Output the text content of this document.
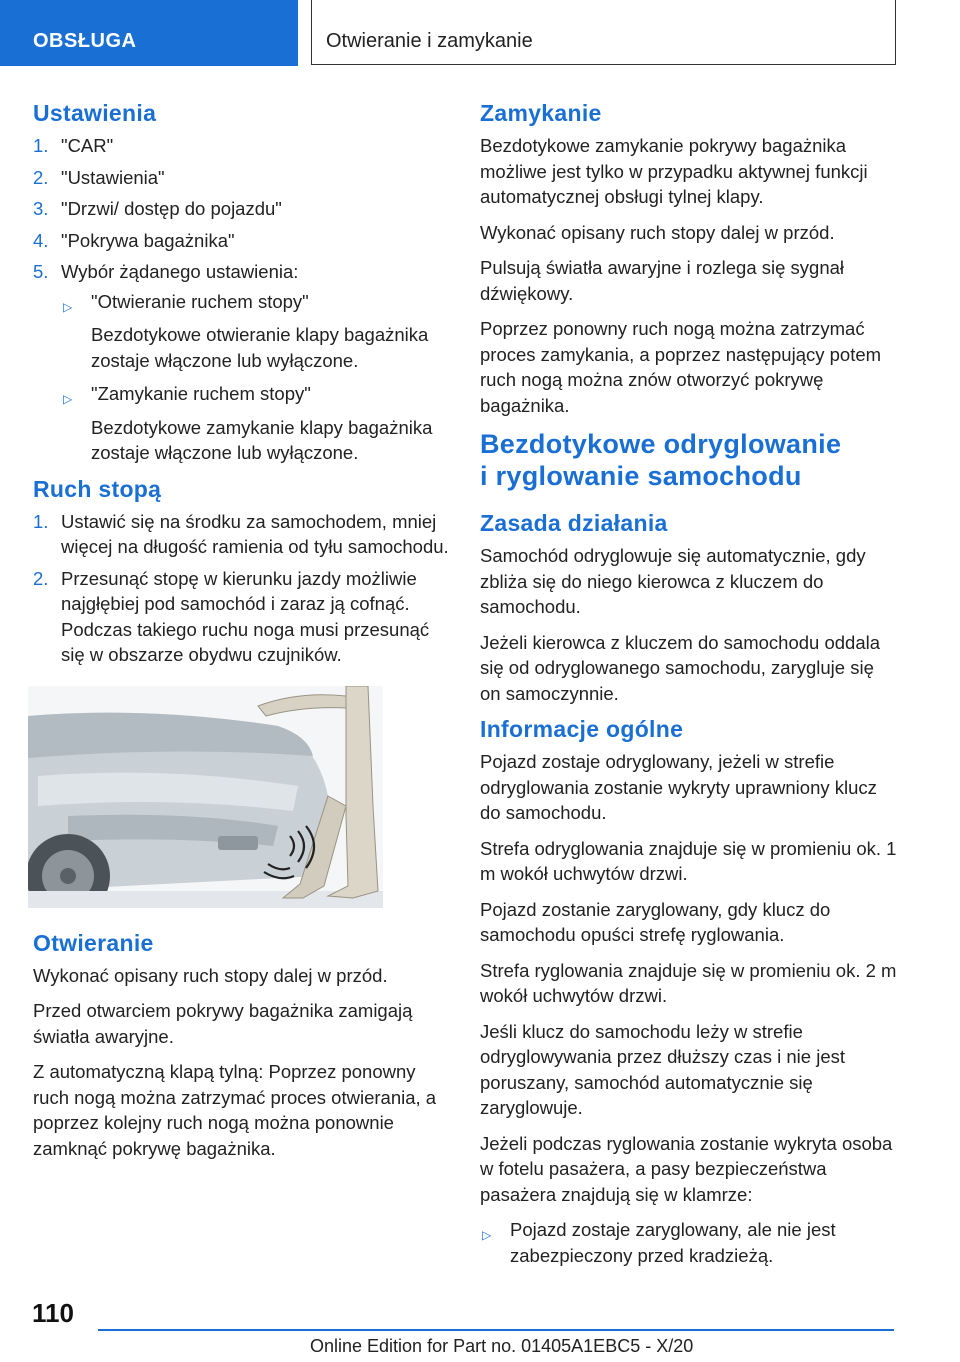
OBSŁUGA	Otwieranie i zamykanie
Ustawienia
1. "CAR"
2. "Ustawienia"
3. "Drzwi/ dostęp do pojazdu"
4. "Pokrywa bagażnika"
5. Wybór żądanego ustawienia:
▷ "Otwieranie ruchem stopy"
Bezdotykowe otwieranie klapy bagażnika zostaje włączone lub wyłączone.
▷ "Zamykanie ruchem stopy"
Bezdotykowe zamykanie klapy bagażnika zostaje włączone lub wyłączone.
Ruch stopą
1. Ustawić się na środku za samochodem, mniej więcej na długość ramienia od tyłu samochodu.
2. Przesunąć stopę w kierunku jazdy możliwie najgłębiej pod samochód i zaraz ją cofnąć. Podczas takiego ruchu noga musi przesunąć się w obszarze obydwu czujników.
Otwieranie

Wykonać opisany ruch stopy dalej w przód.

Przed otwarciem pokrywy bagażnika zamigają światła awaryjne.

Z automatyczną klapą tylną: Poprzez ponowny ruch nogą można zatrzymać proces otwierania, a poprzez kolejny ruch nogą można ponownie zamknąć pokrywę bagażnika.

Zamykanie

Bezdotykowe zamykanie pokrywy bagażnika możliwe jest tylko w przypadku aktywnej funkcji automatycznej obsługi tylnej klapy.

Wykonać opisany ruch stopy dalej w przód.

Pulsują światła awaryjne i rozlega się sygnał dźwiękowy.

Poprzez ponowny ruch nogą można zatrzymać proces zamykania, a poprzez następujący potem ruch nogą można znów otworzyć pokrywę bagażnika.

Bezdotykowe odryglowanie
i ryglowanie samochodu
Zasada działania

Samochód odryglowuje się automatycznie, gdy zbliża się do niego kierowca z kluczem do samochodu.

Jeżeli kierowca z kluczem do samochodu oddala się od odryglowanego samochodu, zarygluje się on samoczynnie.

Informacje ogólne

Pojazd zostaje odryglowany, jeżeli w strefie odryglowania zostanie wykryty uprawniony klucz do samochodu.

Strefa odryglowania znajduje się w promieniu ok. 1 m wokół uchwytów drzwi.

Pojazd zostanie zaryglowany, gdy klucz do samochodu opuści strefę ryglowania.

Strefa ryglowania znajduje się w promieniu ok. 2 m wokół uchwytów drzwi.

Jeśli klucz do samochodu leży w strefie odryglowywania przez dłuższy czas i nie jest poruszany, samochód automatycznie się zaryglowuje.

Jeżeli podczas ryglowania zostanie wykryta osoba w fotelu pasażera, a pasy bezpieczeństwa pasażera znajdują się w klamrze:

▷ Pojazd zostaje zaryglowany, ale nie jest zabezpieczony przed kradzieżą.
110
Online Edition for Part no. 01405A1EBC5 - X/20
